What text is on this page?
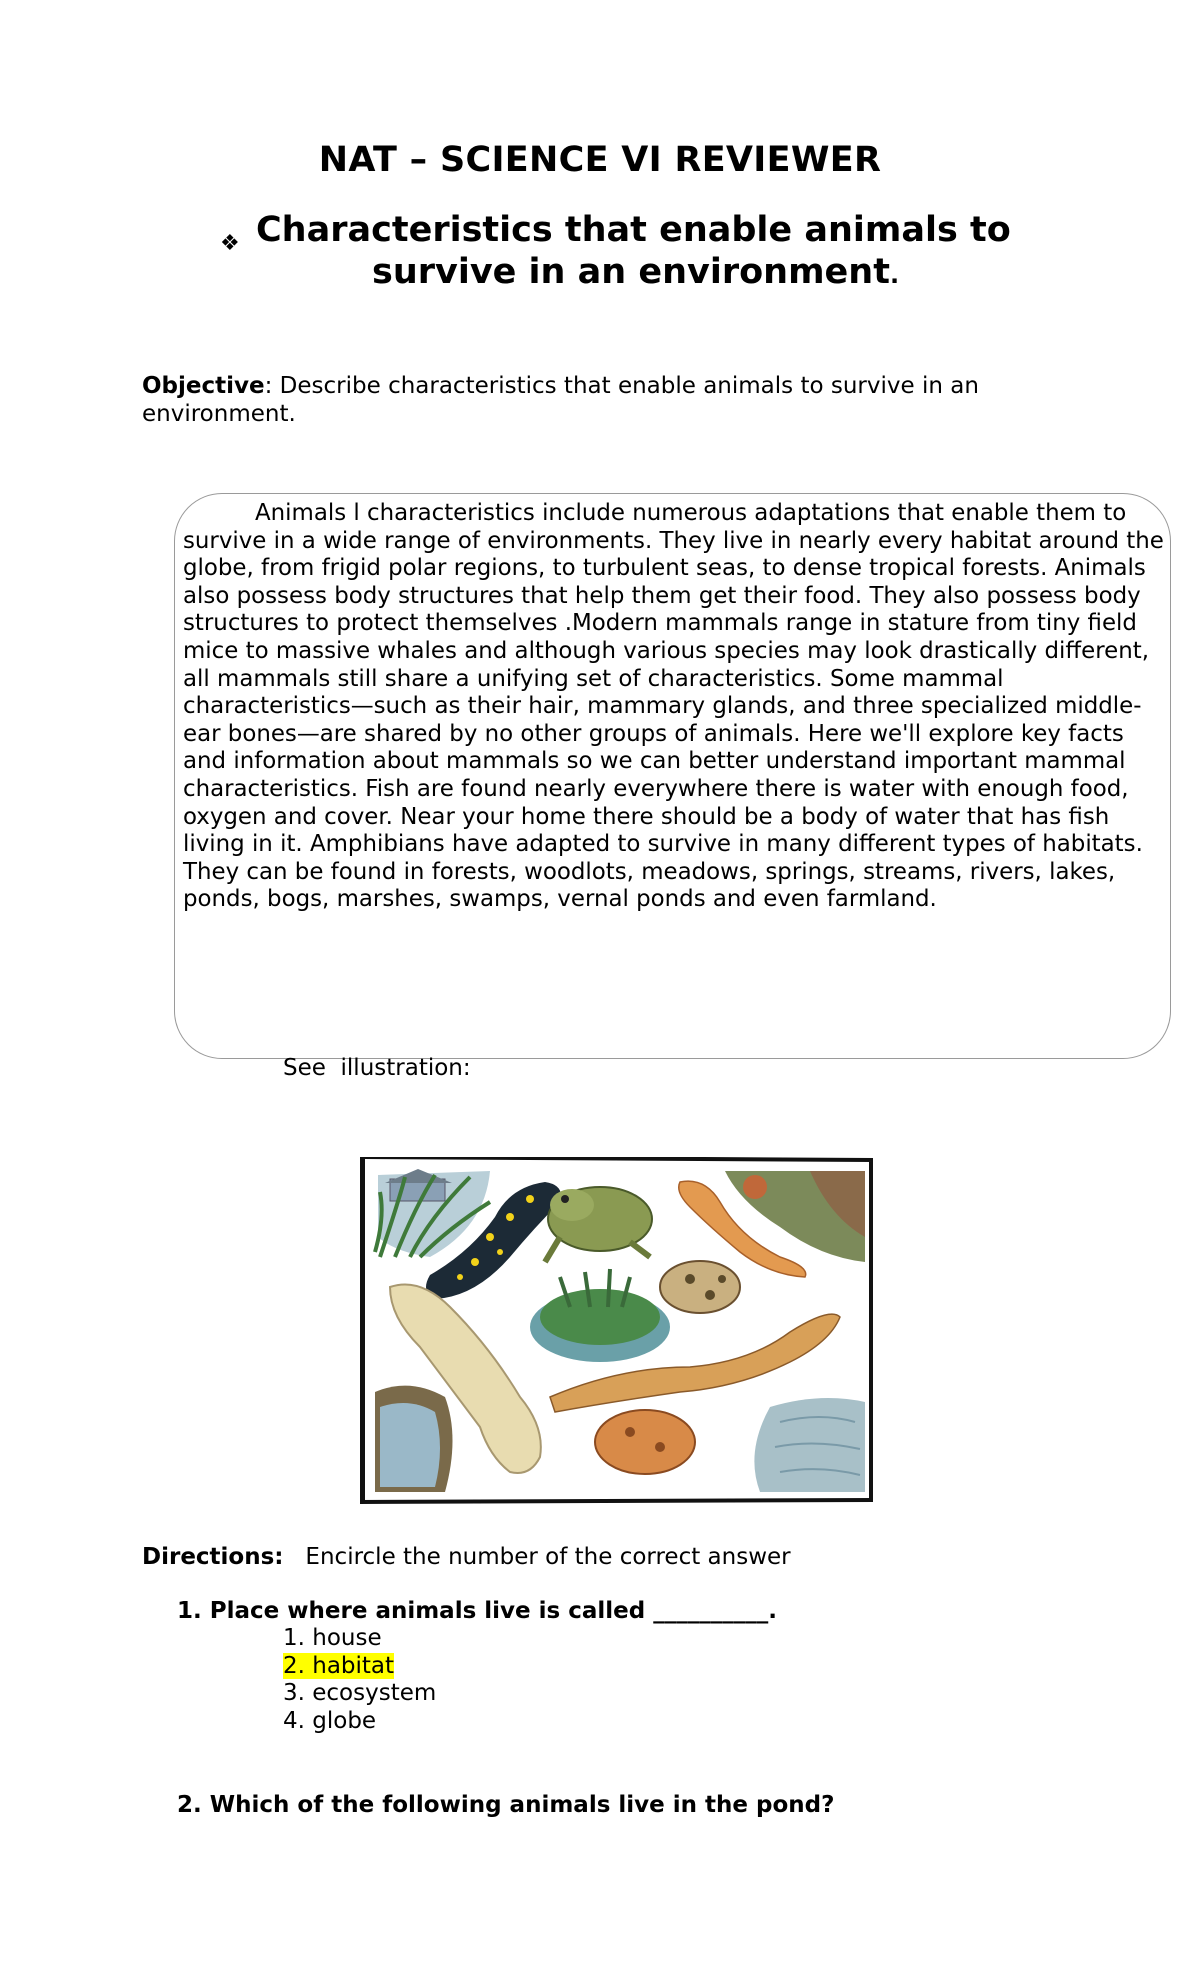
NAT – SCIENCE VI REVIEWER
❖ Characteristics that enable animals to
survive in an environment.
Objective: Describe characteristics that enable animals to survive in an environment.
Animals l characteristics include numerous adaptations that enable them to survive in a wide range of environments. They live in nearly every habitat around the globe, from frigid polar regions, to turbulent seas, to dense tropical forests. Animals also possess body structures that help them get their food. They also possess body structures to protect themselves .Modern mammals range in stature from tiny field mice to massive whales and although various species may look drastically different, all mammals still share a unifying set of characteristics. Some mammal characteristics—such as their hair, mammary glands, and three specialized middle-ear bones—are shared by no other groups of animals. Here we'll explore key facts and information about mammals so we can better understand important mammal characteristics. Fish are found nearly everywhere there is water with enough food, oxygen and cover. Near your home there should be a body of water that has fish living in it. Amphibians have adapted to survive in many different types of habitats. They can be found in forests, woodlots, meadows, springs, streams, rivers, lakes, ponds, bogs, marshes, swamps, vernal ponds and even farmland.
See  illustration:
Directions:   Encircle the number of the correct answer
1. Place where animals live is called __________.
1. house
2. habitat
3. ecosystem
4. globe
2. Which of the following animals live in the pond?
